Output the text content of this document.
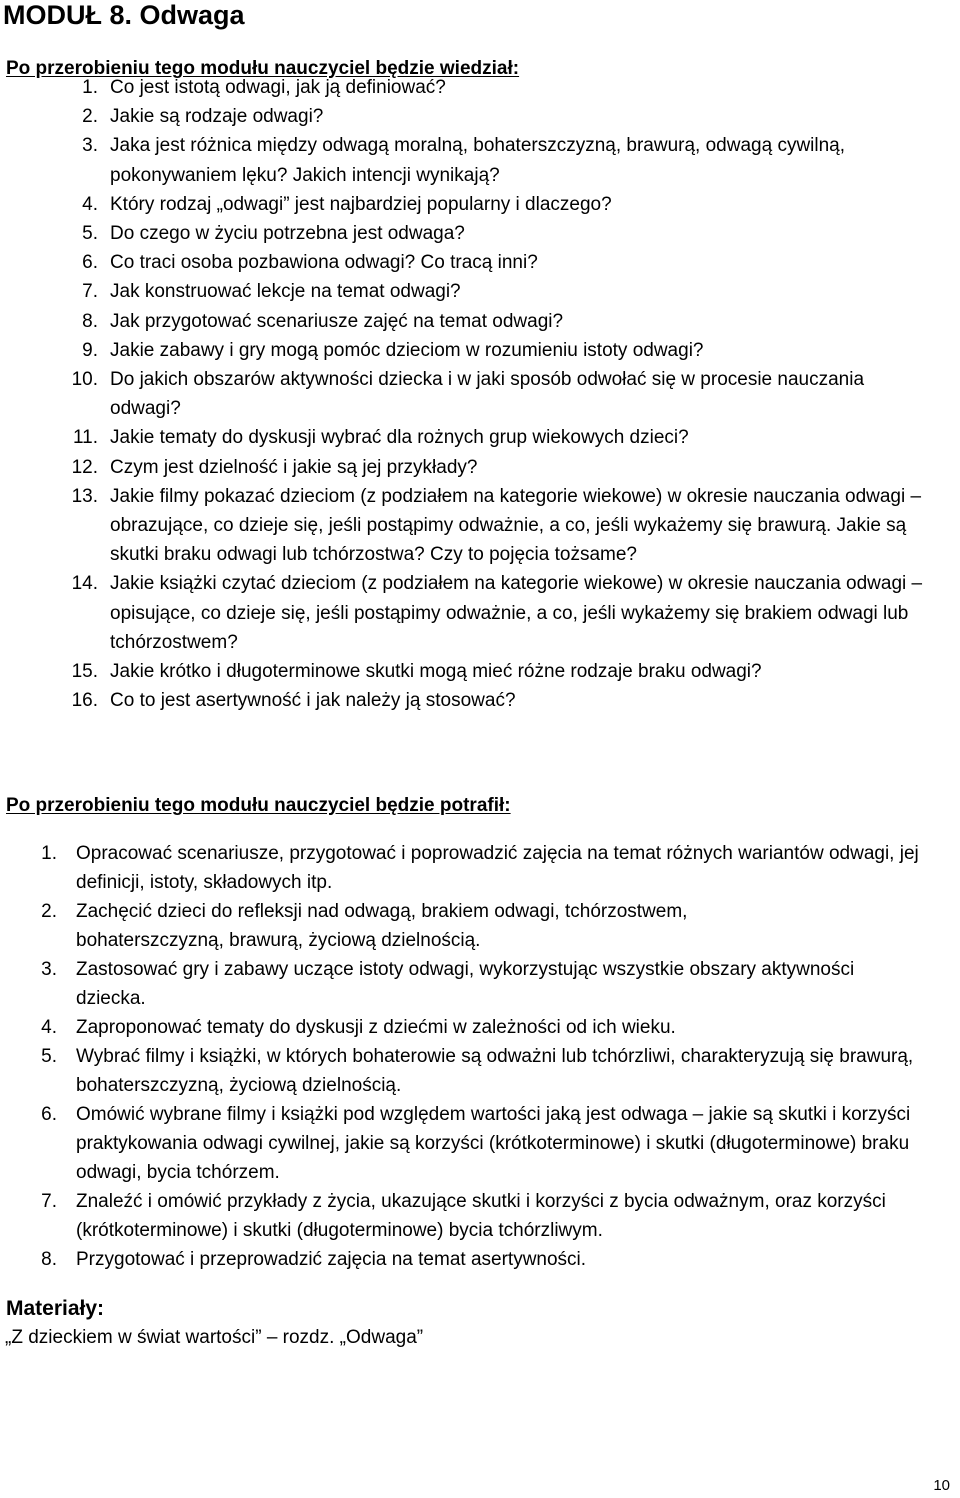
MODUŁ 8. Odwaga
Po przerobieniu tego modułu nauczyciel będzie wiedział:
1. Co jest istotą odwagi, jak ją definiować?
2. Jakie są rodzaje odwagi?
3. Jaka jest różnica między odwagą moralną, bohaterszczyzną, brawurą, odwagą cywilną, pokonywaniem lęku? Jakich intencji wynikają?
4. Który rodzaj „odwagi” jest najbardziej popularny i dlaczego?
5. Do czego w życiu potrzebna jest odwaga?
6. Co traci osoba pozbawiona odwagi? Co tracą inni?
7. Jak konstruować lekcje na temat odwagi?
8. Jak przygotować scenariusze zajęć na temat odwagi?
9. Jakie zabawy i gry mogą pomóc dzieciom w rozumieniu istoty odwagi?
10. Do jakich obszarów aktywności dziecka i w jaki sposób odwołać się w procesie nauczania odwagi?
11. Jakie tematy do dyskusji wybrać dla rożnych grup wiekowych dzieci?
12. Czym jest dzielność i jakie są jej przykłady?
13. Jakie filmy pokazać dzieciom (z podziałem na kategorie wiekowe) w okresie nauczania odwagi – obrazujące, co dzieje się, jeśli postąpimy odważnie, a co, jeśli wykażemy się brawurą. Jakie są skutki braku odwagi lub tchórzostwa? Czy to pojęcia tożsame?
14. Jakie książki czytać dzieciom (z podziałem na kategorie wiekowe) w okresie nauczania odwagi – opisujące, co dzieje się, jeśli postąpimy odważnie, a co, jeśli wykażemy się brakiem odwagi lub tchórzostwem?
15. Jakie krótko i długoterminowe skutki mogą mieć różne rodzaje braku odwagi?
16. Co to jest asertywność i jak należy ją stosować?
Po przerobieniu tego modułu nauczyciel będzie potrafił:
1. Opracować scenariusze, przygotować i poprowadzić zajęcia na temat różnych wariantów odwagi, jej definicji, istoty, składowych itp.
2. Zachęcić dzieci do refleksji nad odwagą, brakiem odwagi, tchórzostwem, bohaterszczyzną, brawurą, życiową dzielnością.
3. Zastosować gry i zabawy uczące istoty odwagi, wykorzystując wszystkie obszary aktywności dziecka.
4. Zaproponować tematy do dyskusji z dziećmi w zależności od ich wieku.
5. Wybrać filmy i książki, w których bohaterowie są odważni lub tchórzliwi, charakteryzują się brawurą, bohaterszczyzną, życiową dzielnością.
6. Omówić wybrane filmy i książki pod względem wartości jaką jest odwaga – jakie są skutki i korzyści praktykowania odwagi cywilnej, jakie są korzyści (krótkoterminowe) i skutki (długoterminowe) braku odwagi, bycia tchórzem.
7. Znaleźć i omówić przykłady z życia, ukazujące skutki i korzyści z bycia odważnym, oraz korzyści (krótkoterminowe) i skutki (długoterminowe) bycia tchórzliwym.
8. Przygotować i przeprowadzić zajęcia na temat asertywności.
Materiały:

„Z dzieckiem w świat wartości” – rozdz. „Odwaga”

10
